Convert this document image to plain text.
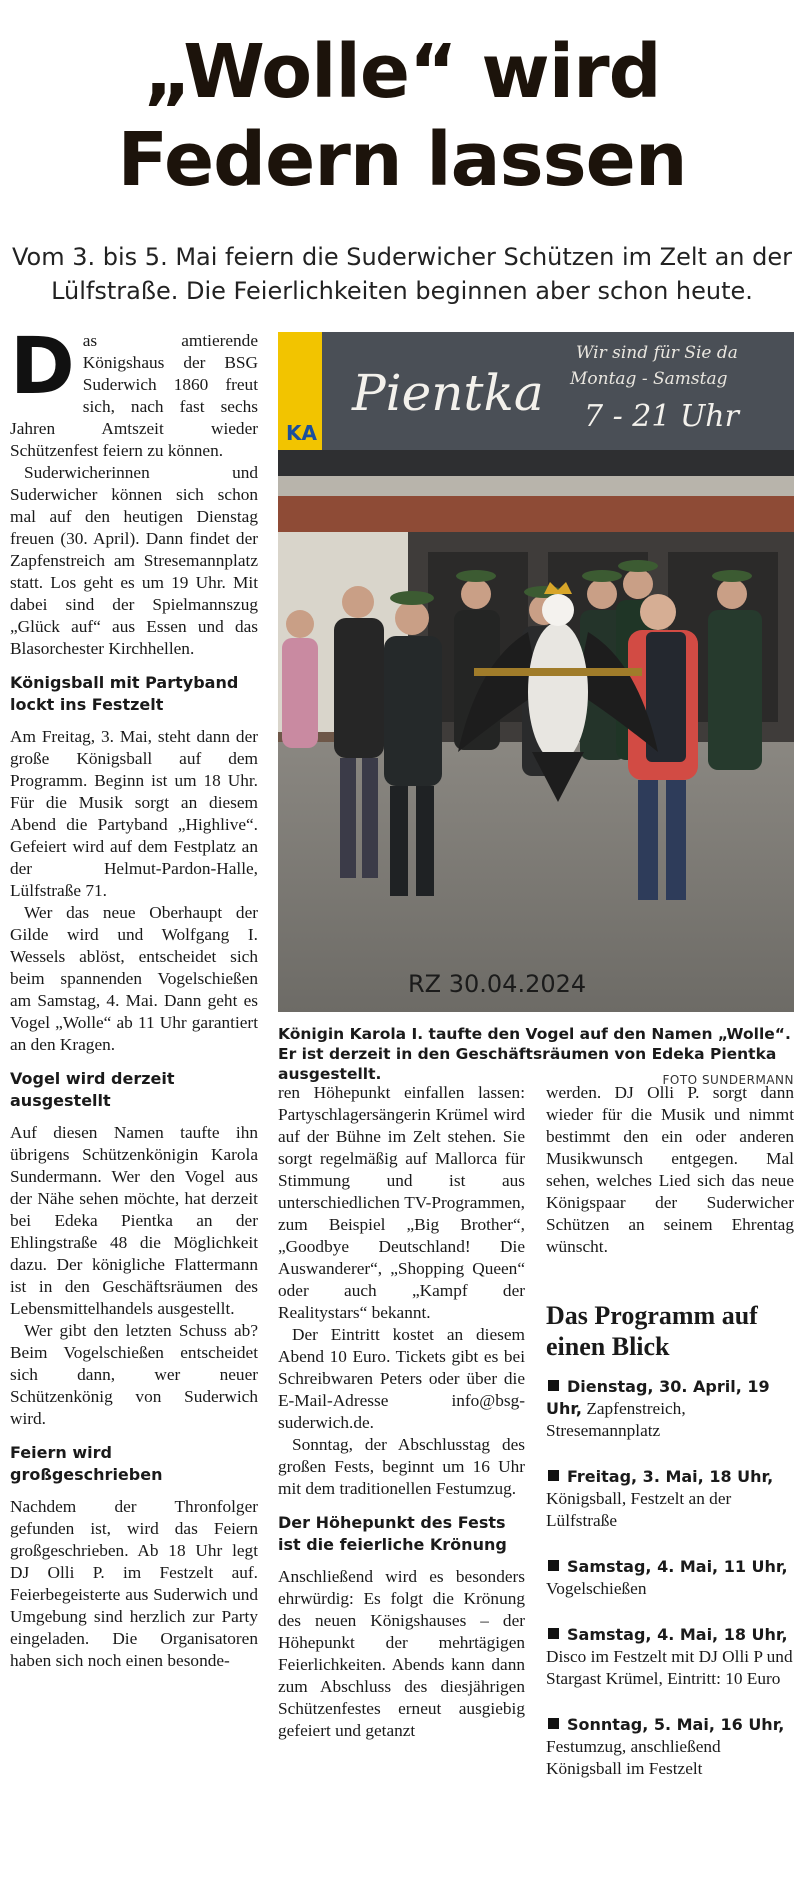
„Wolle“ wird
Federn lassen
Vom 3. bis 5. Mai feiern die Suderwicher Schützen im Zelt an der Lülfstraße. Die Feierlichkeiten beginnen aber schon heute.
D as amtierende Königshaus der BSG Suderwich 1860 freut sich, nach fast sechs Jahren Amtszeit wieder Schützenfest feiern zu können.

Suderwicherinnen und Suderwicher können sich schon mal auf den heutigen Dienstag freuen (30. April). Dann findet der Zapfenstreich am Stresemannplatz statt. Los geht es um 19 Uhr. Mit dabei sind der Spielmannszug „Glück auf“ aus Essen und das Blasorchester Kirchhellen.

Königsball mit Partyband lockt ins Festzelt

Am Freitag, 3. Mai, steht dann der große Königsball auf dem Programm. Beginn ist um 18 Uhr. Für die Musik sorgt an diesem Abend die Partyband „Highlive“. Gefeiert wird auf dem Festplatz an der Helmut-Pardon-Halle, Lülfstraße 71.

Wer das neue Oberhaupt der Gilde wird und Wolfgang I. Wessels ablöst, entscheidet sich beim spannenden Vogelschießen am Samstag, 4. Mai. Dann geht es Vogel „Wolle“ ab 11 Uhr garantiert an den Kragen.

Vogel wird derzeit ausgestellt

Auf diesen Namen taufte ihn übrigens Schützenkönigin Karola Sundermann. Wer den Vogel aus der Nähe sehen möchte, hat derzeit bei Edeka Pientka an der Ehlingstraße 48 die Möglichkeit dazu. Der königliche Flattermann ist in den Geschäftsräumen des Lebensmittelhandels ausgestellt.

Wer gibt den letzten Schuss ab? Beim Vogelschießen entscheidet sich dann, wer neuer Schützenkönig von Suderwich wird.

Feiern wird großgeschrieben

Nachdem der Thronfolger gefunden ist, wird das Feiern großgeschrieben. Ab 18 Uhr legt DJ Olli P. im Festzelt auf. Feierbegeisterte aus Suderwich und Umgebung sind herzlich zur Party eingeladen. Die Organisatoren haben sich noch einen besonde-

KA
Pientka
Wir sind für Sie da
Montag - Samstag
7 - 21 Uhr
RZ 30.04.2024
Königin Karola I. taufte den Vogel auf den Namen „Wolle“. Er ist derzeit in den Geschäftsräumen von Edeka Pientka ausgestellt.	FOTO SUNDERMANN

ren Höhepunkt einfallen lassen: Partyschlagersängerin Krümel wird auf der Bühne im Zelt stehen. Sie sorgt regelmäßig auf Mallorca für Stimmung und ist aus unterschiedlichen TV-Programmen, zum Beispiel „Big Brother“, „Goodbye Deutschland! Die Auswanderer“, „Shopping Queen“ oder auch „Kampf der Realitystars“ bekannt.

Der Eintritt kostet an diesem Abend 10 Euro. Tickets gibt es bei Schreibwaren Peters oder über die E-Mail-Adresse info@bsg-suderwich.de.

Sonntag, der Abschlusstag des großen Fests, beginnt um 16 Uhr mit dem traditionellen Festumzug.

Der Höhepunkt des Fests ist die feierliche Krönung

Anschließend wird es besonders ehrwürdig: Es folgt die Krönung des neuen Königshauses – der Höhepunkt der mehrtägigen Feierlichkeiten. Abends kann dann zum Abschluss des diesjährigen Schützenfestes erneut ausgiebig gefeiert und getanzt

werden. DJ Olli P. sorgt dann wieder für die Musik und nimmt bestimmt den ein oder anderen Musikwunsch entgegen. Mal sehen, welches Lied sich das neue Königspaar der Suderwicher Schützen an seinem Ehrentag wünscht.

Das Programm auf einen Blick
Dienstag, 30. April, 19 Uhr, Zapfenstreich, Stresemannplatz
Freitag, 3. Mai, 18 Uhr, Königsball, Festzelt an der Lülfstraße
Samstag, 4. Mai, 11 Uhr, Vogelschießen
Samstag, 4. Mai, 18 Uhr, Disco im Festzelt mit DJ Olli P und Stargast Krümel, Eintritt: 10 Euro
Sonntag, 5. Mai, 16 Uhr, Festumzug, anschließend Königsball im Festzelt
